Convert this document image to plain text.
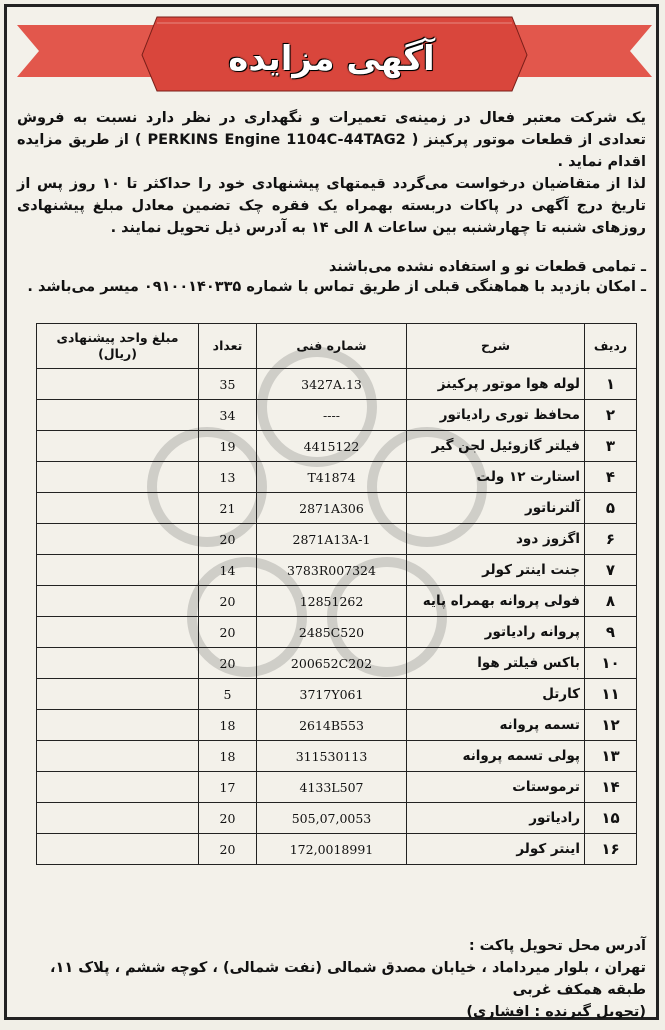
آگهی مزایده

یک شرکت معتبر فعال در زمینه‌ی تعمیرات و نگهداری در نظر دارد نسبت به فروش تعدادی از قطعات موتور پرکینز ( PERKINS Engine 1104C-44TAG2 ) از طریق مزایده اقدام نماید .

لذا از متقاضیان درخواست می‌گردد قیمتهای پیشنهادی خود را حداکثر تا ۱۰ روز پس از تاریخ درج آگهی در پاکات دربسته بهمراه یک فقره چک تضمین معادل مبلغ پیشنهادی روزهای شنبه تا چهارشنبه بین ساعات ۸ الی ۱۴ به آدرس ذیل تحویل نمایند .

ـ تمامی قطعات نو و استفاده نشده می‌باشند
ـ امکان بازدید با هماهنگی قبلی از طریق تماس با شماره ۰۹۱۰۰۱۴۰۳۳۵ میسر می‌باشد .
ردیف	شرح	شماره فنی	تعداد	مبلغ واحد پیشنهادی (ریال)
۱	لوله هوا موتور پرکینز	3427A.13	35	
۲	محافظ توری رادیاتور	----	34	
۳	فیلتر گازوئیل لجن گیر	4415122	19	
۴	استارت ۱۲ ولت	T41874	13	
۵	آلترناتور	2871A306	21	
۶	اگزوز دود	2871A13A-1	20	
۷	جنت اینتر کولر	3783R007324	14	
۸	فولی پروانه بهمراه پایه	12851262	20	
۹	پروانه رادیاتور	2485C520	20	
۱۰	باکس فیلتر هوا	200652C202	20	
۱۱	کارتل	3717Y061	5	
۱۲	تسمه پروانه	2614B553	18	
۱۳	پولی تسمه پروانه	311530113	18	
۱۴	ترموستات	4133L507	17	
۱۵	رادیاتور	505,07,0053	20	
۱۶	اینتر کولر	172,0018991	20	
آدرس محل تحویل پاکت :
تهران ، بلوار میرداماد ، خیابان مصدق شمالی (نفت شمالی) ، کوچه ششم ، پلاک ۱۱، طبقه همکف غربی
(تحویل گیرنده : افشاری)
